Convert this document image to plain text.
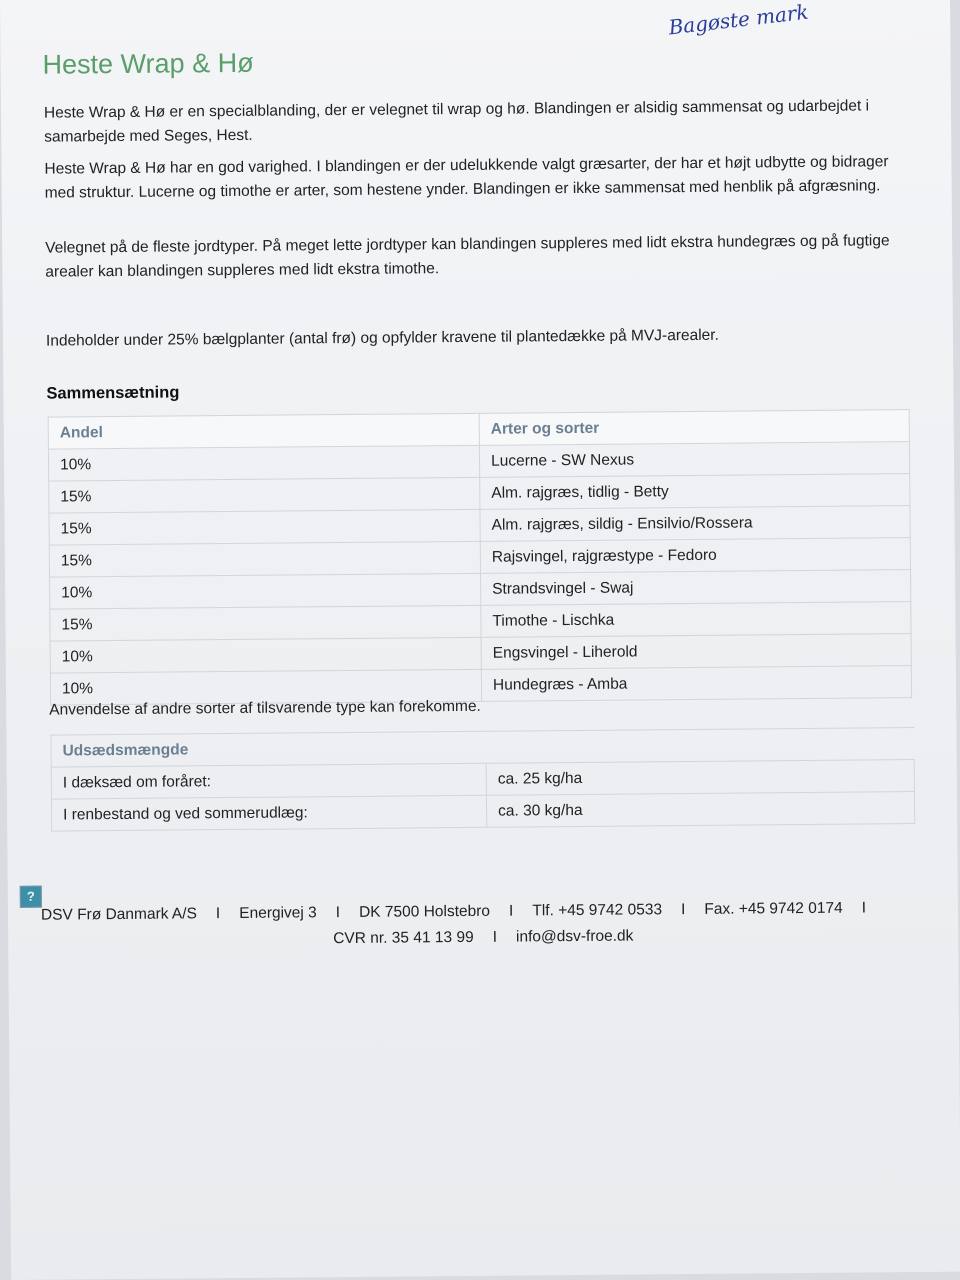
Bagøste mark
Heste Wrap & Hø

Heste Wrap & Hø er en specialblanding, der er velegnet til wrap og hø. Blandingen er alsidig sammensat og udarbejdet i samarbejde med Seges, Hest.

Heste Wrap & Hø har en god varighed. I blandingen er der udelukkende valgt græsarter, der har et højt udbytte og bidrager med struktur. Lucerne og timothe er arter, som hestene ynder. Blandingen er ikke sammensat med henblik på afgræsning.

Velegnet på de fleste jordtyper. På meget lette jordtyper kan blandingen suppleres med lidt ekstra hundegræs og på fugtige arealer kan blandingen suppleres med lidt ekstra timothe.

Indeholder under 25% bælgplanter (antal frø) og opfylder kravene til plantedække på MVJ-arealer.

Sammensætning
Andel	Arter og sorter
10%	Lucerne - SW Nexus
15%	Alm. rajgræs, tidlig - Betty
15%	Alm. rajgræs, sildig - Ensilvio/Rossera
15%	Rajsvingel, rajgræstype - Fedoro
10%	Strandsvingel - Swaj
15%	Timothe - Lischka
10%	Engsvingel - Liherold
10%	Hundegræs - Amba

Anvendelse af andre sorter af tilsvarende type kan forekomme.

Udsædsmængde	
I dæksæd om foråret:	ca. 25 kg/ha
I renbestand og ved sommerudlæg:	ca. 30 kg/ha
?
DSV Frø Danmark A/S I Energivej 3 I DK 7500 Holstebro I Tlf. +45 9742 0533 I Fax. +45 9742 0174 I
CVR nr. 35 41 13 99 I info@dsv-froe.dk
